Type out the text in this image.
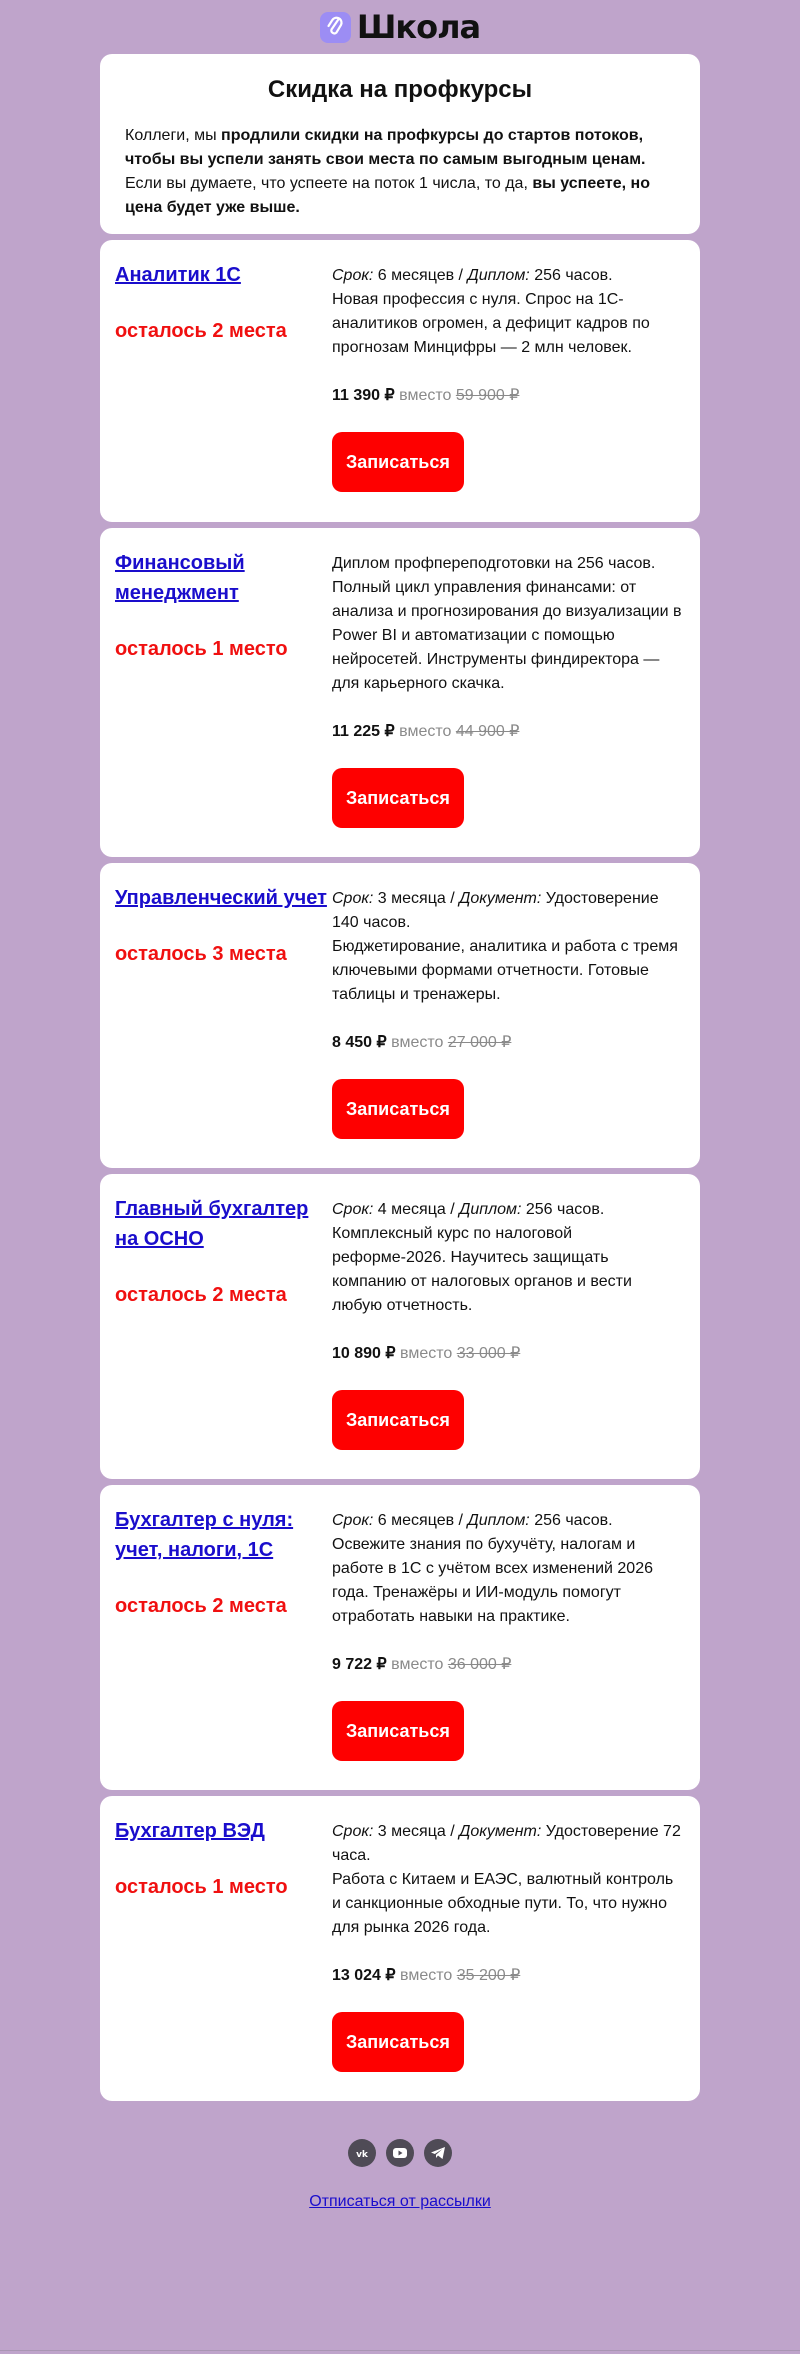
Школа
Скидка на профкурсы

Коллеги, мы продлили скидки на профкурсы до стартов потоков, чтобы вы успели занять свои места по самым выгодным ценам. Если вы думаете, что успеете на поток 1 числа, то да, вы успеете, но цена будет уже выше.

Аналитик 1С
осталось 2 места
Срок: 6 месяцев / Диплом: 256 часов.
Новая профессия с нуля. Спрос на 1С-аналитиков огромен, а дефицит кадров по прогнозам Минцифры — 2 млн человек.
11 390 ₽ вместо 59 900 ₽
Записаться
Финансовый менеджмент
осталось 1 место
Диплом профпереподготовки на 256 часов. Полный цикл управления финансами: от анализа и прогнозирования до визуализации в Power BI и автоматизации с помощью нейросетей. Инструменты финдиректора — для карьерного скачка.
11 225 ₽ вместо 44 900 ₽
Записаться
Управленческий учет
осталось 3 места
Срок: 3 месяца / Документ: Удостоверение 140 часов.
Бюджетирование, аналитика и работа с тремя ключевыми формами отчетности. Готовые таблицы и тренажеры.
8 450 ₽ вместо 27 000 ₽
Записаться
Главный бухгалтер на ОСНО
осталось 2 места
Срок: 4 месяца / Диплом: 256 часов.
Комплексный курс по налоговой реформе-2026. Научитесь защищать компанию от налоговых органов и вести любую отчетность.
10 890 ₽ вместо 33 000 ₽
Записаться
Бухгалтер с нуля: учет, налоги, 1С
осталось 2 места
Срок: 6 месяцев / Диплом: 256 часов.
Освежите знания по бухучёту, налогам и работе в 1С с учётом всех изменений 2026 года. Тренажёры и ИИ-модуль помогут отработать навыки на практике.
9 722 ₽ вместо 36 000 ₽
Записаться
Бухгалтер ВЭД
осталось 1 место
Срок: 3 месяца / Документ: Удостоверение 72 часа.
Работа с Китаем и ЕАЭС, валютный контроль и санкционные обходные пути. То, что нужно для рынка 2026 года.
13 024 ₽ вместо 35 200 ₽
Записаться
vk
Отписаться от рассылки
